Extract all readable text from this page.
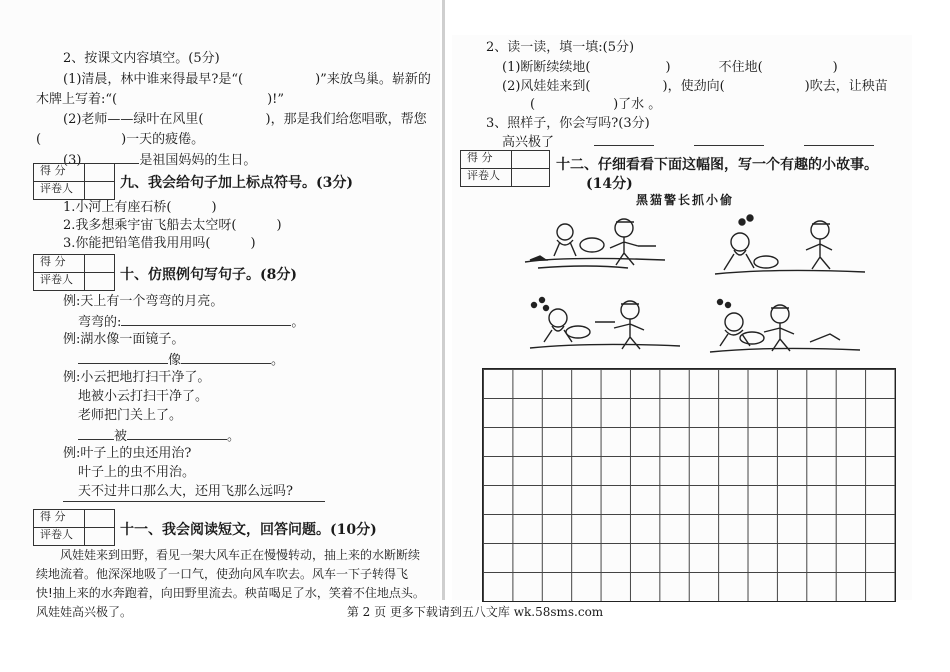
2、按课文内容填空。(5分)
(1)清晨，林中谁来得最早?是“(	)”来放鸟巢。崭新的
木牌上写着:“(	)!”
(2)老师——绿叶在风里(	)，那是我们给您唱歌，帮您
(	)一天的疲倦。
(3)	是祖国妈妈的生日。
得 分
评卷人	九、我会给句子加上标点符号。(3分)
1.小河上有座石桥(	)
2.我多想乘宇宙飞船去太空呀(	)
3.你能把铅笔借我用用吗(	)
得 分
评卷人	十、仿照例句写句子。(8分)
例:天上有一个弯弯的月亮。
弯弯的:	。
例:湖水像一面镜子。
像	。
例:小云把地打扫干净了。
地被小云打扫干净了。
老师把门关上了。
被	。
例:叶子上的虫还用治?
叶子上的虫不用治。
天不过井口那么大，还用飞那么远吗?
得 分
评卷人	十一、我会阅读短文，回答问题。(10分)
风娃娃来到田野，看见一架大风车正在慢慢转动，抽上来的水断断续
续地流着。他深深地吸了一口气，使劲向风车吹去。风车一下子转得飞
快!抽上来的水奔跑着，向田野里流去。秧苗喝足了水，笑着不住地点头。
风娃娃高兴极了。
2、读一读，填一填:(5分)
(1)断断续续地(	)	不住地(	)
(2)风娃娃来到(	)，使劲向(	)吹去，让秧苗
(	)了水 。
3、照样子，你会写吗?(3分)
高兴极了
得 分
评卷人
十二、仔细看看下面这幅图，写一个有趣的小故事。
(14分)
黑猫警长抓小偷
第 2 页 更多下载请到五八文库 wk.58sms.com
